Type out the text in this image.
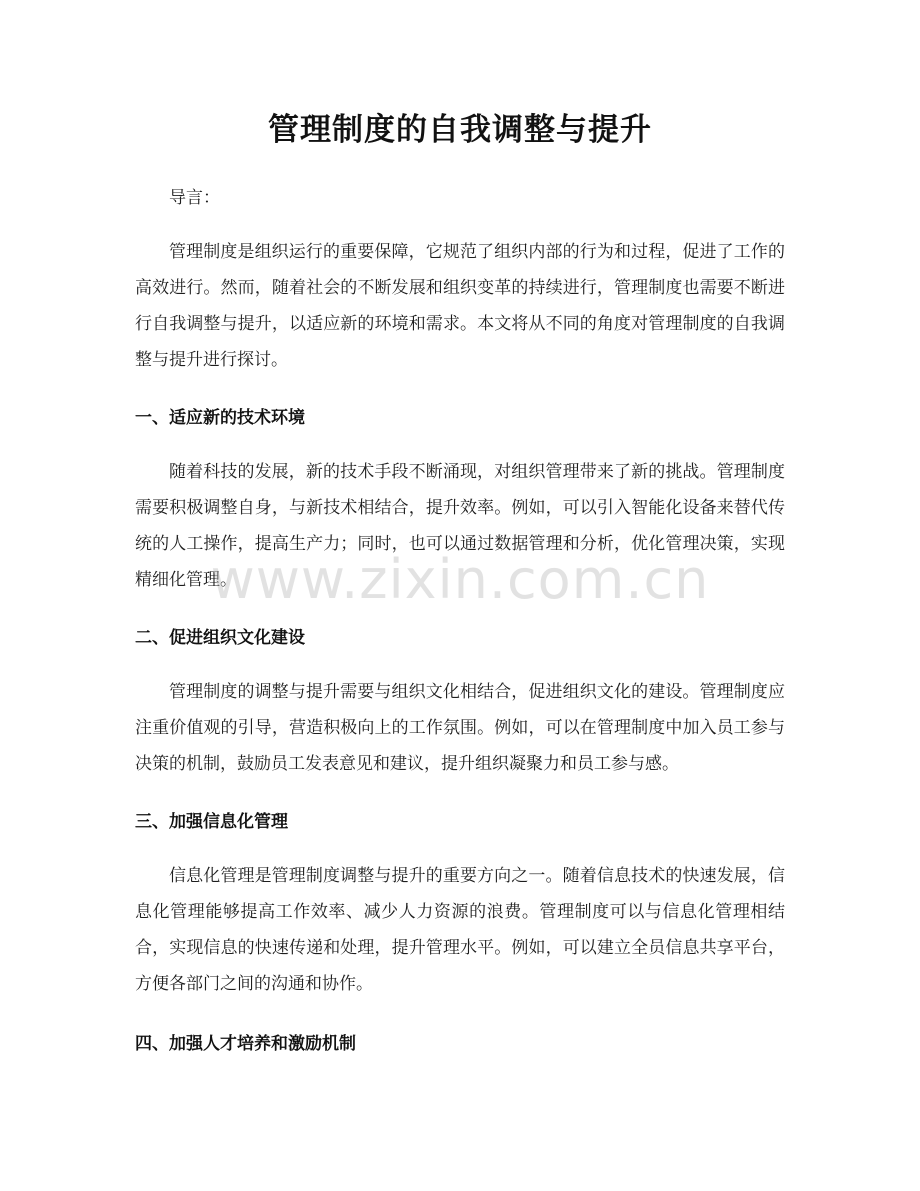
管理制度的自我调整与提升

导言：

管理制度是组织运行的重要保障，它规范了组织内部的行为和过程，促进了工作的高效进行。然而，随着社会的不断发展和组织变革的持续进行，管理制度也需要不断进行自我调整与提升，以适应新的环境和需求。本文将从不同的角度对管理制度的自我调整与提升进行探讨。

一、适应新的技术环境

随着科技的发展，新的技术手段不断涌现，对组织管理带来了新的挑战。管理制度需要积极调整自身，与新技术相结合，提升效率。例如，可以引入智能化设备来替代传统的人工操作，提高生产力；同时，也可以通过数据管理和分析，优化管理决策，实现精细化管理。

二、促进组织文化建设

管理制度的调整与提升需要与组织文化相结合，促进组织文化的建设。管理制度应注重价值观的引导，营造积极向上的工作氛围。例如，可以在管理制度中加入员工参与决策的机制，鼓励员工发表意见和建议，提升组织凝聚力和员工参与感。

三、加强信息化管理

信息化管理是管理制度调整与提升的重要方向之一。随着信息技术的快速发展，信息化管理能够提高工作效率、减少人力资源的浪费。管理制度可以与信息化管理相结合，实现信息的快速传递和处理，提升管理水平。例如，可以建立全员信息共享平台，方便各部门之间的沟通和协作。

四、加强人才培养和激励机制

www.zixin.com.cn
